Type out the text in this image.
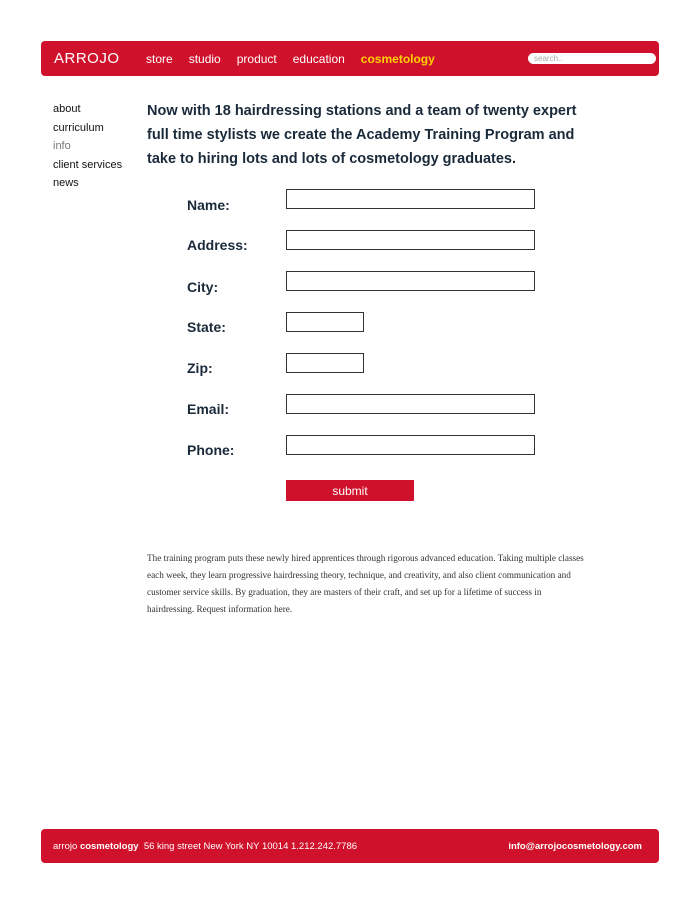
ARROJO store studio product education cosmetology
search..
about
curriculum
info
client services
news
Now with 18 hairdressing stations and a team of twenty expert full time stylists we create the Academy Training Program and take to hiring lots and lots of cosmetology graduates.
Name:
Address:
City:
State:
Zip:
Email:
Phone:
submit

The training program puts these newly hired apprentices through rigorous advanced education. Taking multiple classes each week, they learn progressive hairdressing theory, technique, and creativity, and also client communication and customer service skills. By graduation, they are masters of their craft, and set up for a lifetime of success in hairdressing. Request information here.

arrojo cosmetology 56 king street New York NY 10014 1.212.242.7786	info@arrojocosmetology.com
